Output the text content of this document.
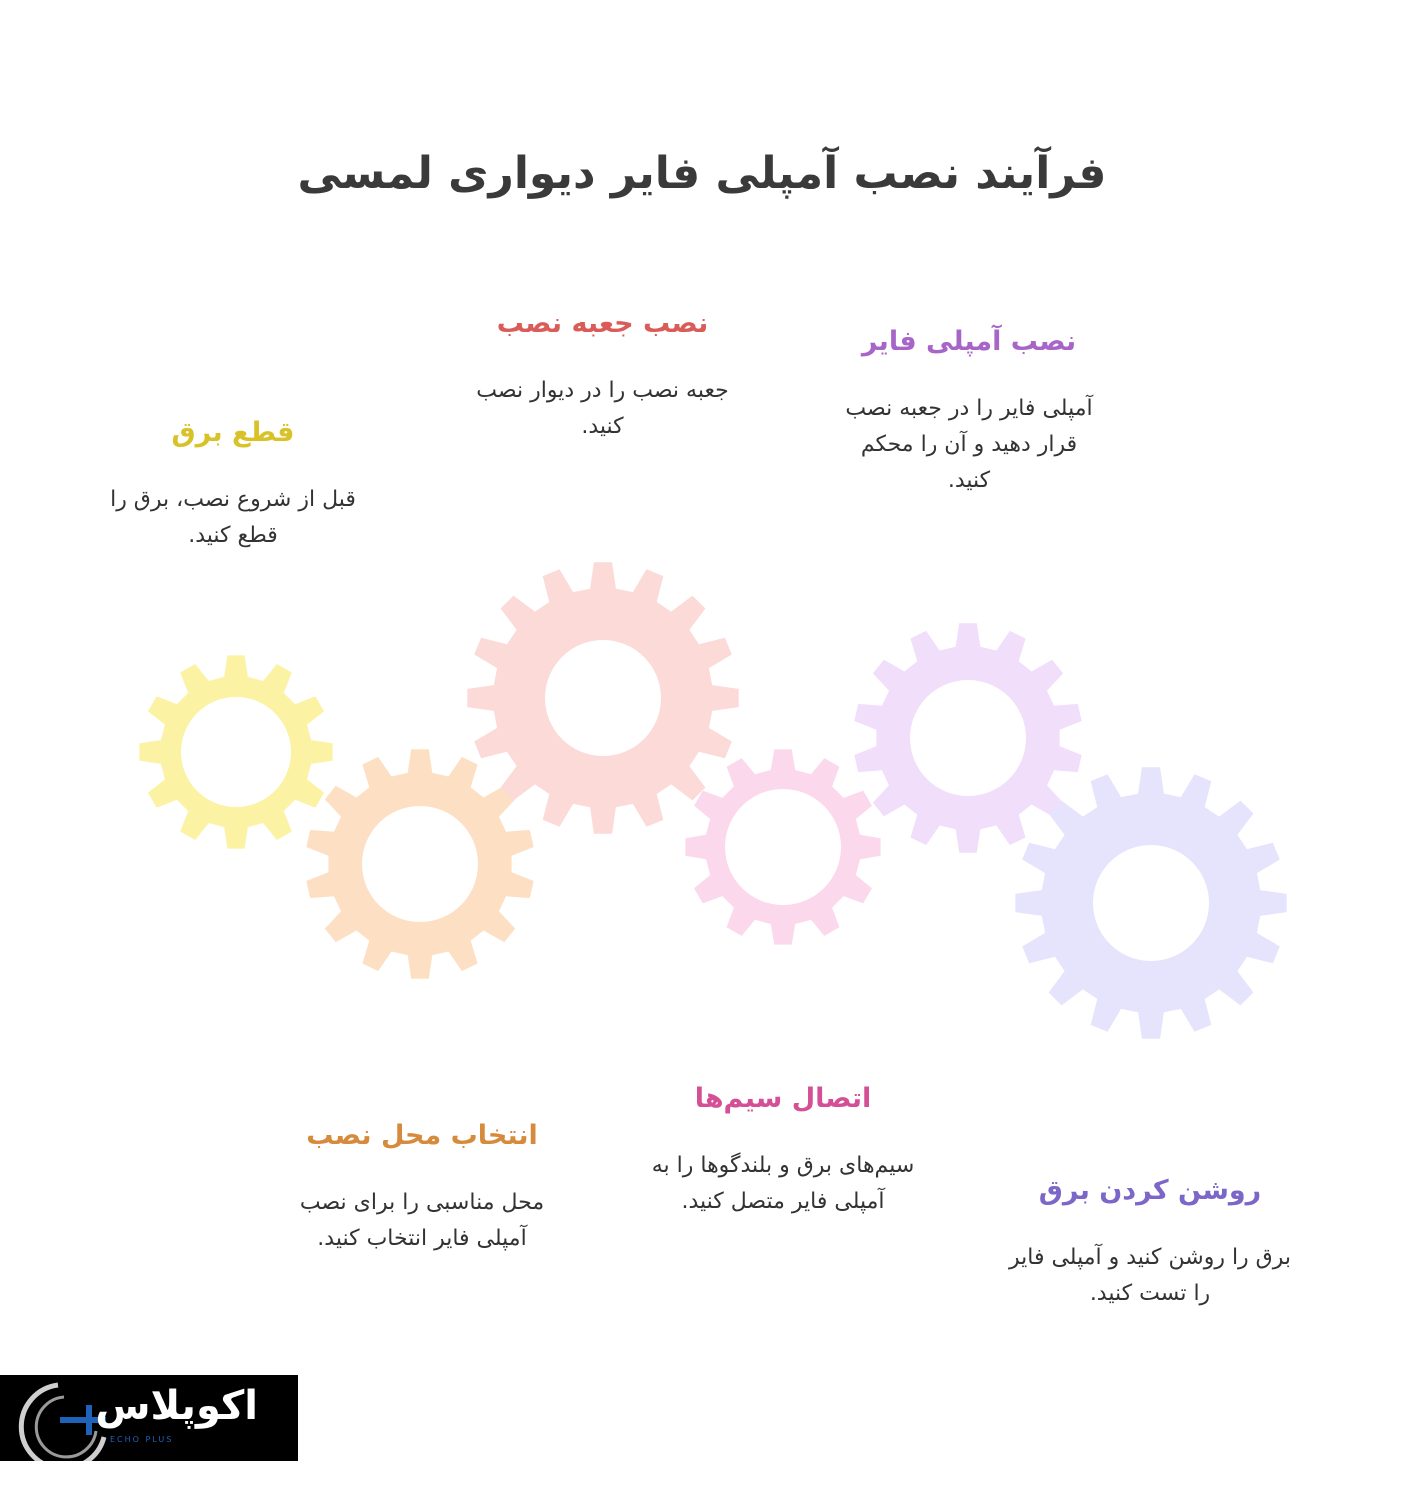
فرآیند نصب آمپلی فایر دیواری لمسی
قطع برق
قبل از شروع نصب، برق را قطع کنید.
انتخاب محل نصب
محل مناسبی را برای نصب آمپلی فایر انتخاب کنید.
نصب جعبه نصب
جعبه نصب را در دیوار نصب کنید.
اتصال سیم‌ها
سیم‌های برق و بلندگوها را به آمپلی فایر متصل کنید.
نصب آمپلی فایر
آمپلی فایر را در جعبه نصب قرار دهید و آن را محکم کنید.
روشن کردن برق
برق را روشن کنید و آمپلی فایر را تست کنید.
اکوپلاس
ECHO PLUS
